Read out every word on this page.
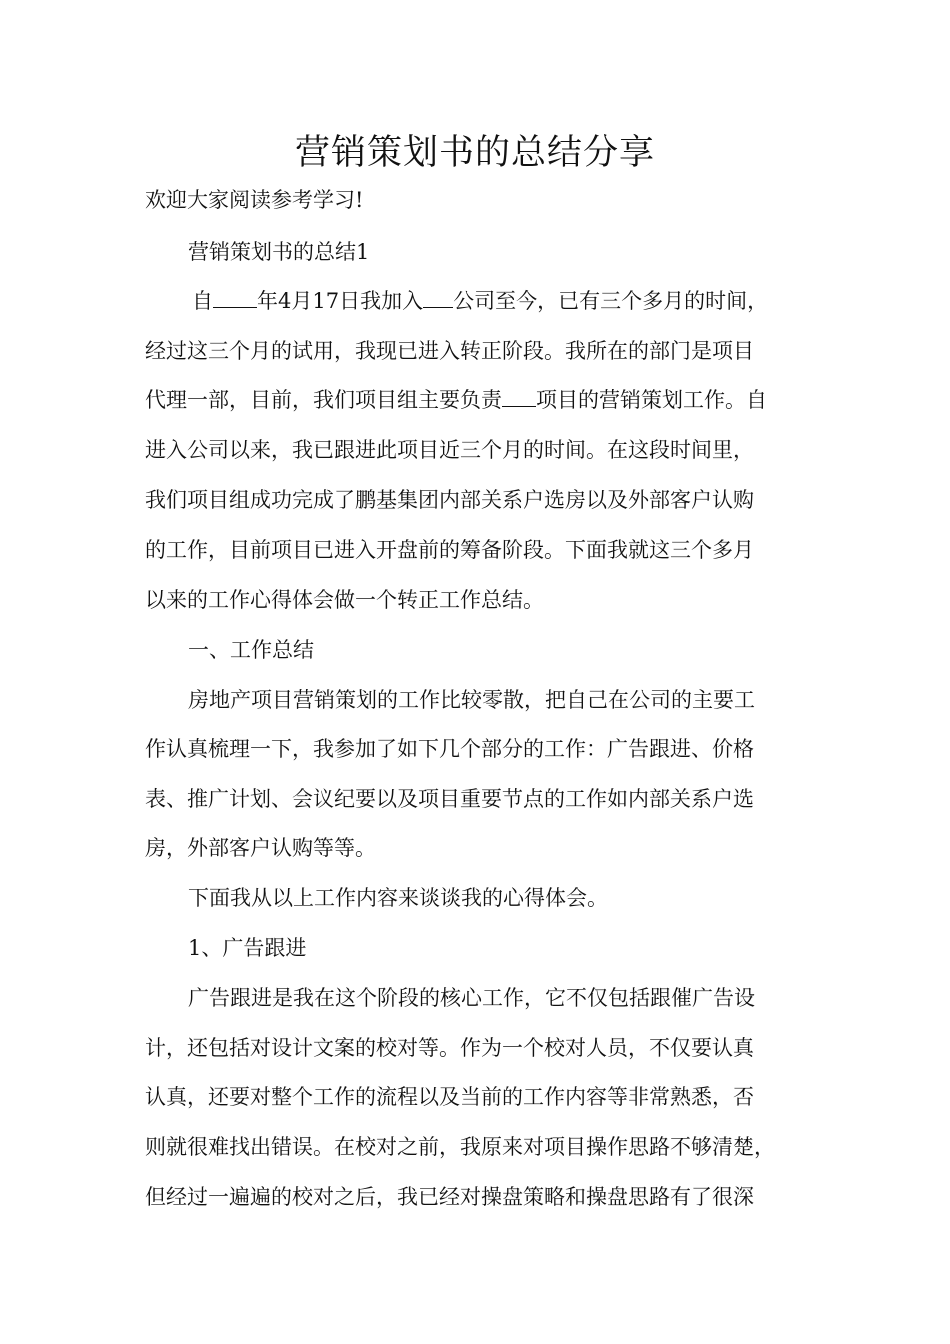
营销策划书的总结分享
欢迎大家阅读参考学习!
营销策划书的总结1
自 年4月17日我加入 公司至今，已有三个多月的时间，
经过这三个月的试用，我现已进入转正阶段。我所在的部门是项目
代理一部，目前，我们项目组主要负责 项目的营销策划工作。自
进入公司以来，我已跟进此项目近三个月的时间。在这段时间里，
我们项目组成功完成了鹏基集团内部关系户选房以及外部客户认购
的工作，目前项目已进入开盘前的筹备阶段。下面我就这三个多月
以来的工作心得体会做一个转正工作总结。
一、工作总结
房地产项目营销策划的工作比较零散，把自己在公司的主要工
作认真梳理一下，我参加了如下几个部分的工作：广告跟进、价格
表、推广计划、会议纪要以及项目重要节点的工作如内部关系户选
房，外部客户认购等等。
下面我从以上工作内容来谈谈我的心得体会。
1、广告跟进
广告跟进是我在这个阶段的核心工作，它不仅包括跟催广告设
计，还包括对设计文案的校对等。作为一个校对人员，不仅要认真
认真，还要对整个工作的流程以及当前的工作内容等非常熟悉，否
则就很难找出错误。在校对之前，我原来对项目操作思路不够清楚，
但经过一遍遍的校对之后，我已经对操盘策略和操盘思路有了很深
